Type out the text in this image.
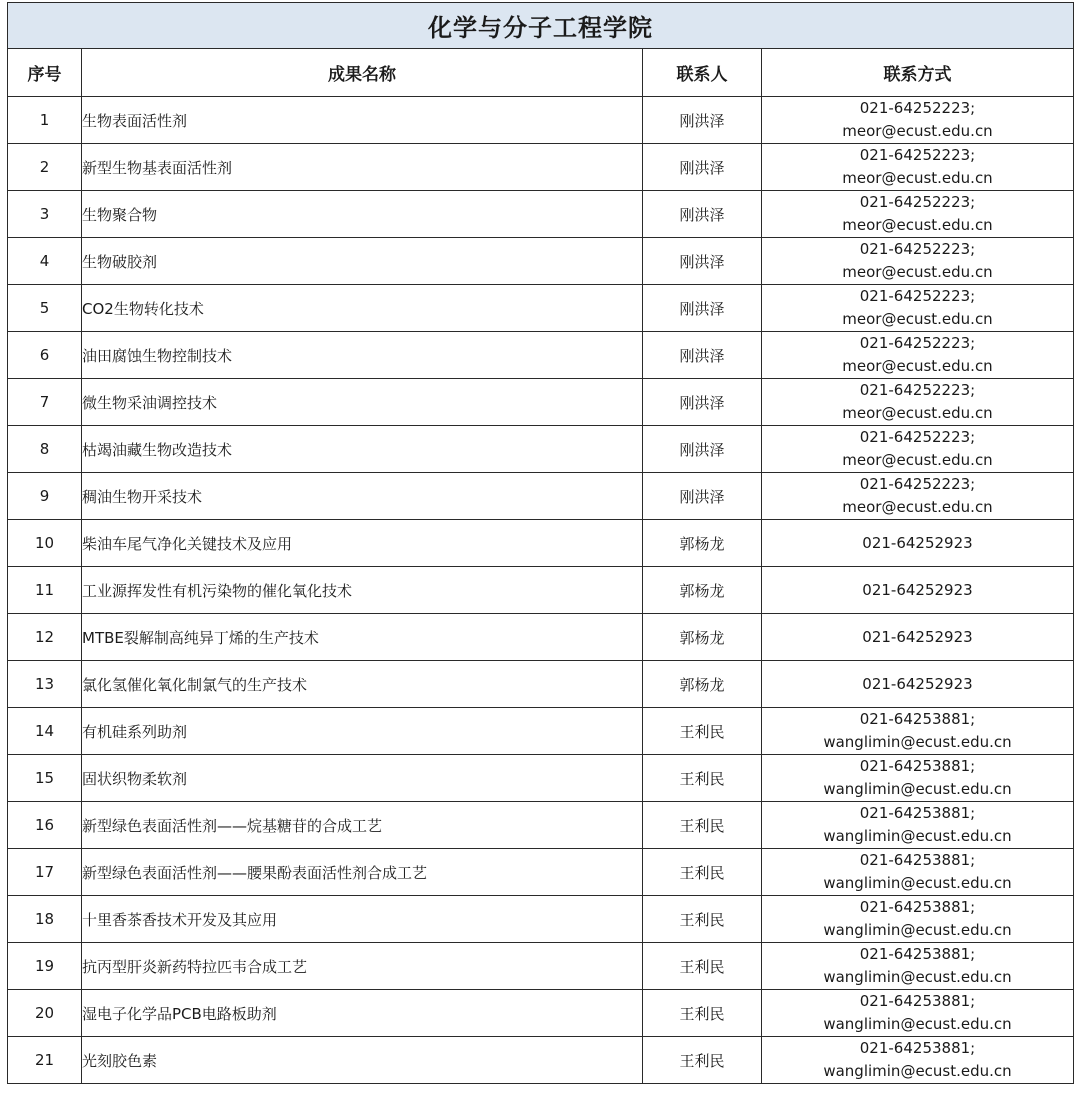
化学与分子工程学院			
序号	成果名称	联系人	联系方式
1	生物表面活性剂	刚洪泽	021-64252223;
meor@ecust.edu.cn

2	新型生物基表面活性剂	刚洪泽	021-64252223;
meor@ecust.edu.cn

3	生物聚合物	刚洪泽	021-64252223;
meor@ecust.edu.cn

4	生物破胶剂	刚洪泽	021-64252223;
meor@ecust.edu.cn

5	CO2生物转化技术	刚洪泽	021-64252223;
meor@ecust.edu.cn

6	油田腐蚀生物控制技术	刚洪泽	021-64252223;
meor@ecust.edu.cn

7	微生物采油调控技术	刚洪泽	021-64252223;
meor@ecust.edu.cn

8	枯竭油藏生物改造技术	刚洪泽	021-64252223;
meor@ecust.edu.cn

9	稠油生物开采技术	刚洪泽	021-64252223;
meor@ecust.edu.cn

10	柴油车尾气净化关键技术及应用	郭杨龙	021-64252923

11	工业源挥发性有机污染物的催化氧化技术	郭杨龙	021-64252923

12	MTBE裂解制高纯异丁烯的生产技术	郭杨龙	021-64252923

13	氯化氢催化氧化制氯气的生产技术	郭杨龙	021-64252923

14	有机硅系列助剂	王利民	021-64253881;
wanglimin@ecust.edu.cn

15	固状织物柔软剂	王利民	021-64253881;
wanglimin@ecust.edu.cn

16	新型绿色表面活性剂——烷基糖苷的合成工艺	王利民	021-64253881;
wanglimin@ecust.edu.cn

17	新型绿色表面活性剂——腰果酚表面活性剂合成工艺	王利民	021-64253881;
wanglimin@ecust.edu.cn

18	十里香茶香技术开发及其应用	王利民	021-64253881;
wanglimin@ecust.edu.cn

19	抗丙型肝炎新药特拉匹韦合成工艺	王利民	021-64253881;
wanglimin@ecust.edu.cn

20	湿电子化学品PCB电路板助剂	王利民	021-64253881;
wanglimin@ecust.edu.cn

21	光刻胶色素	王利民	021-64253881;
wanglimin@ecust.edu.cn
